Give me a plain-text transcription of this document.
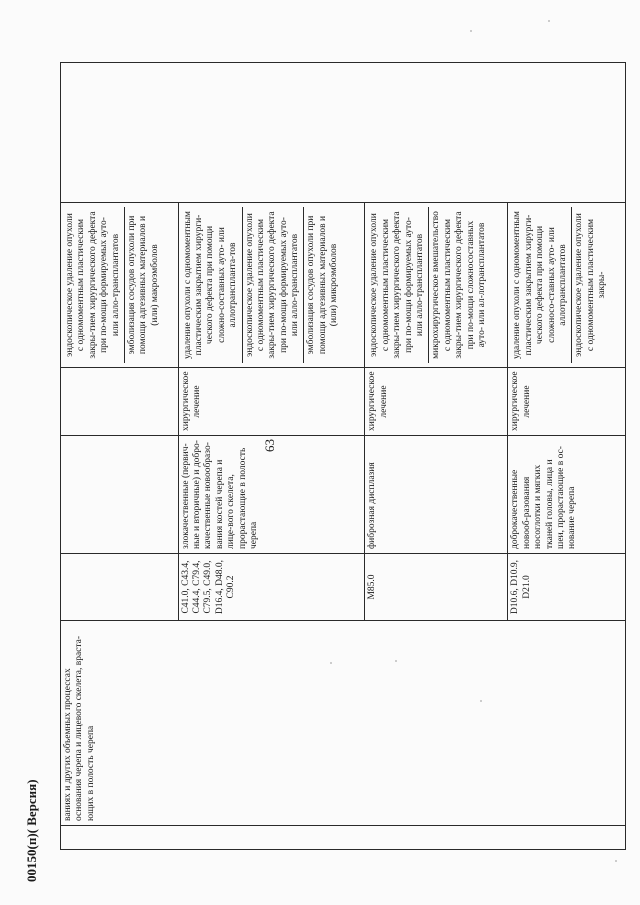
	ваниях и других объемных процессах основания черепа и лицевого скелета, враста-ющих в полость черепа				эндоскопическое удаление опухоли с одномоментным пластическим закры-тием хирургического дефекта при по-мощи формируемых ауто- или алло-трансплантатов эмболизация сосудов опухоли при помощи адгезивных материалов и (или) макроэмболов	

		C41.0, C43.4, C44.4, C79.4, C79.5, C49.0, D16.4, D48.0, C90.2	злокачественные (первич-ные и вторичные) и добро-качественные новообразо-вания костей черепа и лице-вого скелета, прорастающие в полость черепа	хирургическое лечение	удаление опухоли с одномоментным пластическим закрытием хирурги-ческого дефекта при помощи сложно-составных ауто- или аллотранспланта-тов эндоскопическое удаление опухоли с одномоментным пластическим закры-тием хирургического дефекта при по-мощи формируемых ауто- или алло-трансплантатов эмболизация сосудов опухоли при помощи адгезивных материалов и (или) микроэмболов	

		M85.0	фиброзная дисплазия	хирургическое лечение	эндоскопическое удаление опухоли с одномоментным пластическим закры-тием хирургического дефекта при по-мощи формируемых ауто- или алло-трансплантатов микрохирургическое вмешательство с одномоментным пластическим закры-тием хирургического дефекта при по-мощи сложносоставных ауто- или ал-лотрансплантатов	

		D10.6, D10.9, D21.0	доброкачественные новооб-разования носоглотки и мягких тканей головы, лица и шеи, прорастающие в ос-нование черепа	хирургическое лечение	удаление опухоли с одномоментным пластическим закрытием хирурги-ческого дефекта при помощи сложносо-ставных ауто- или аллотрансплантатов эндоскопическое удаление опухоли с одномоментным пластическим закры-	
63
00150(п)( Версия)
